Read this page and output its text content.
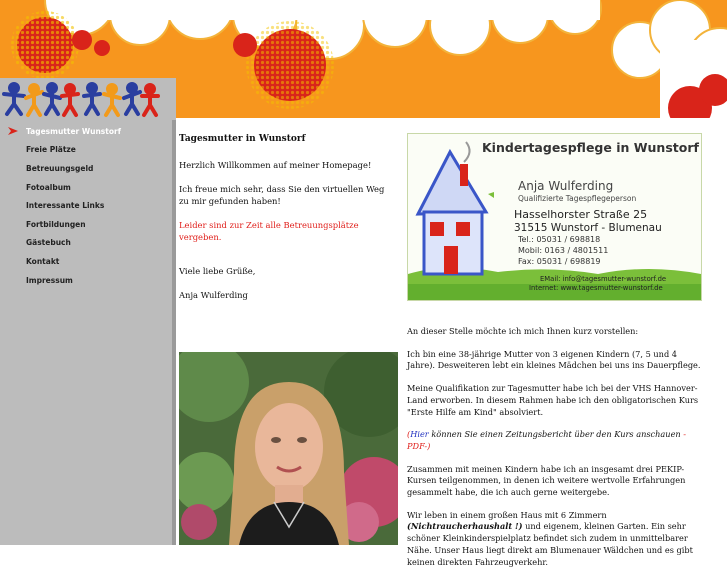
Tagesmutter Wunstorf
Freie Plätze
Betreuungsgeld
Fotoalbum
Interessante Links
Fortbildungen
Gästebuch
Kontakt
Impressum

Tagesmutter in Wunstorf

Herzlich Willkommen auf meiner Homepage!

Ich freue mich sehr, dass Sie den virtuellen Weg zu mir gefunden haben!

Leider sind zur Zeit alle Betreuungsplätze vergeben.

Viele liebe Grüße,

Anja Wulferding

Kindertagespflege in Wunstorf
Anja Wulferding
Qualifizierte Tagespflegeperson
Hasselhorster Straße 25
31515 Wunstorf - Blumenau
Tel.: 05031 / 698818
Mobil: 0163 / 4801511
Fax: 05031 / 698819
EMail: info@tagesmutter-wunstorf.de
Internet: www.tagesmutter-wunstorf.de

An dieser Stelle möchte ich mich Ihnen kurz vorstellen:

Ich bin eine 38-jährige Mutter von 3 eigenen Kindern (7, 5 und 4 Jahre). Desweiteren lebt ein kleines Mädchen bei uns ins Dauerpflege.

Meine Qualifikation zur Tagesmutter habe ich bei der VHS Hannover-Land erworben. In diesem Rahmen habe ich den obligatorischen Kurs "Erste Hilfe am Kind" absolviert.

(Hier können Sie einen Zeitungsbericht über den Kurs anschauen -PDF-)

Zusammen mit meinen Kindern habe ich an insgesamt drei PEKIP-Kursen teilgenommen, in denen ich weitere wertvolle Erfahrungen gesammelt habe, die ich auch gerne weitergebe.

Wir leben in einem großen Haus mit 6 Zimmern (Nichtraucherhaushalt !) und eigenem, kleinen Garten. Ein sehr schöner Kleinkinderspielplatz befindet sich zudem in unmittelbarer Nähe. Unser Haus liegt direkt am Blumenauer Wäldchen und es gibt keinen direkten Fahrzeugverkehr.
